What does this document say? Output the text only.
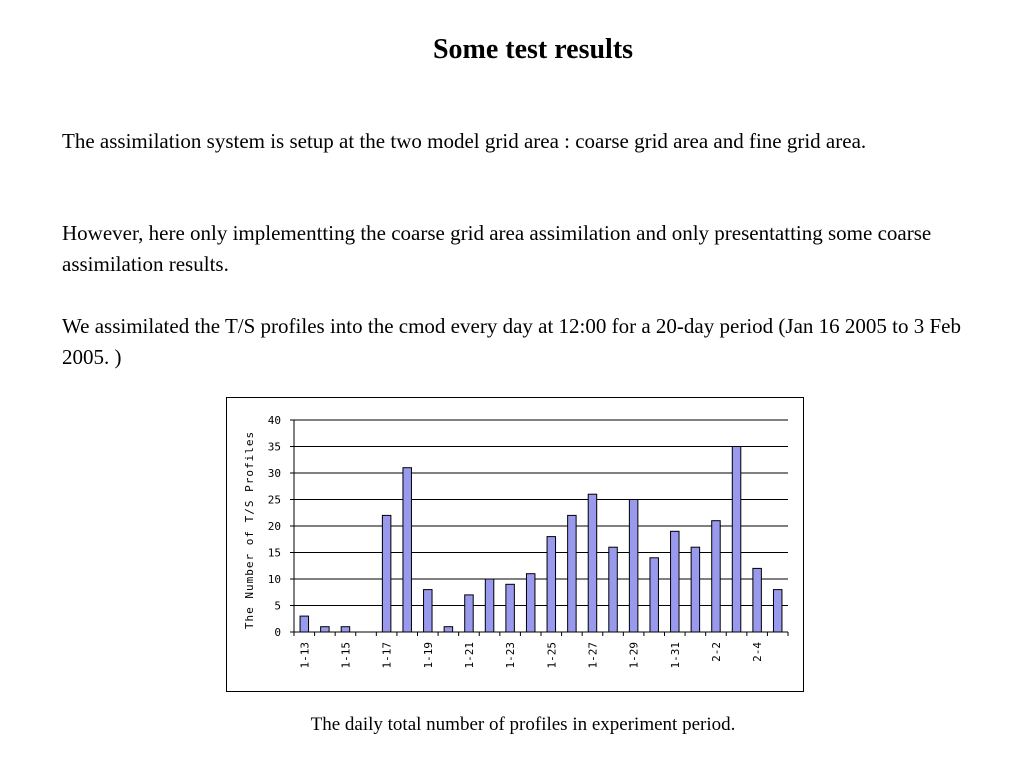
Some test results

The assimilation system is setup at the two model grid area : coarse grid area and fine grid area.

However, here only implementting the coarse grid area assimilation and only presentatting some coarse assimilation results.

We assimilated the T/S profiles into the cmod every day at 12:00 for a 20-day period (Jan 16 2005 to 3 Feb 2005. )

0
5
10
15
20
25
30
35
40
The Number of T/S Profiles
1-13	1-15	1-17	1-19	1-21	1-23	1-25	1-27	1-29	1-31	2-2	2-4

The daily total number of profiles in experiment period.
